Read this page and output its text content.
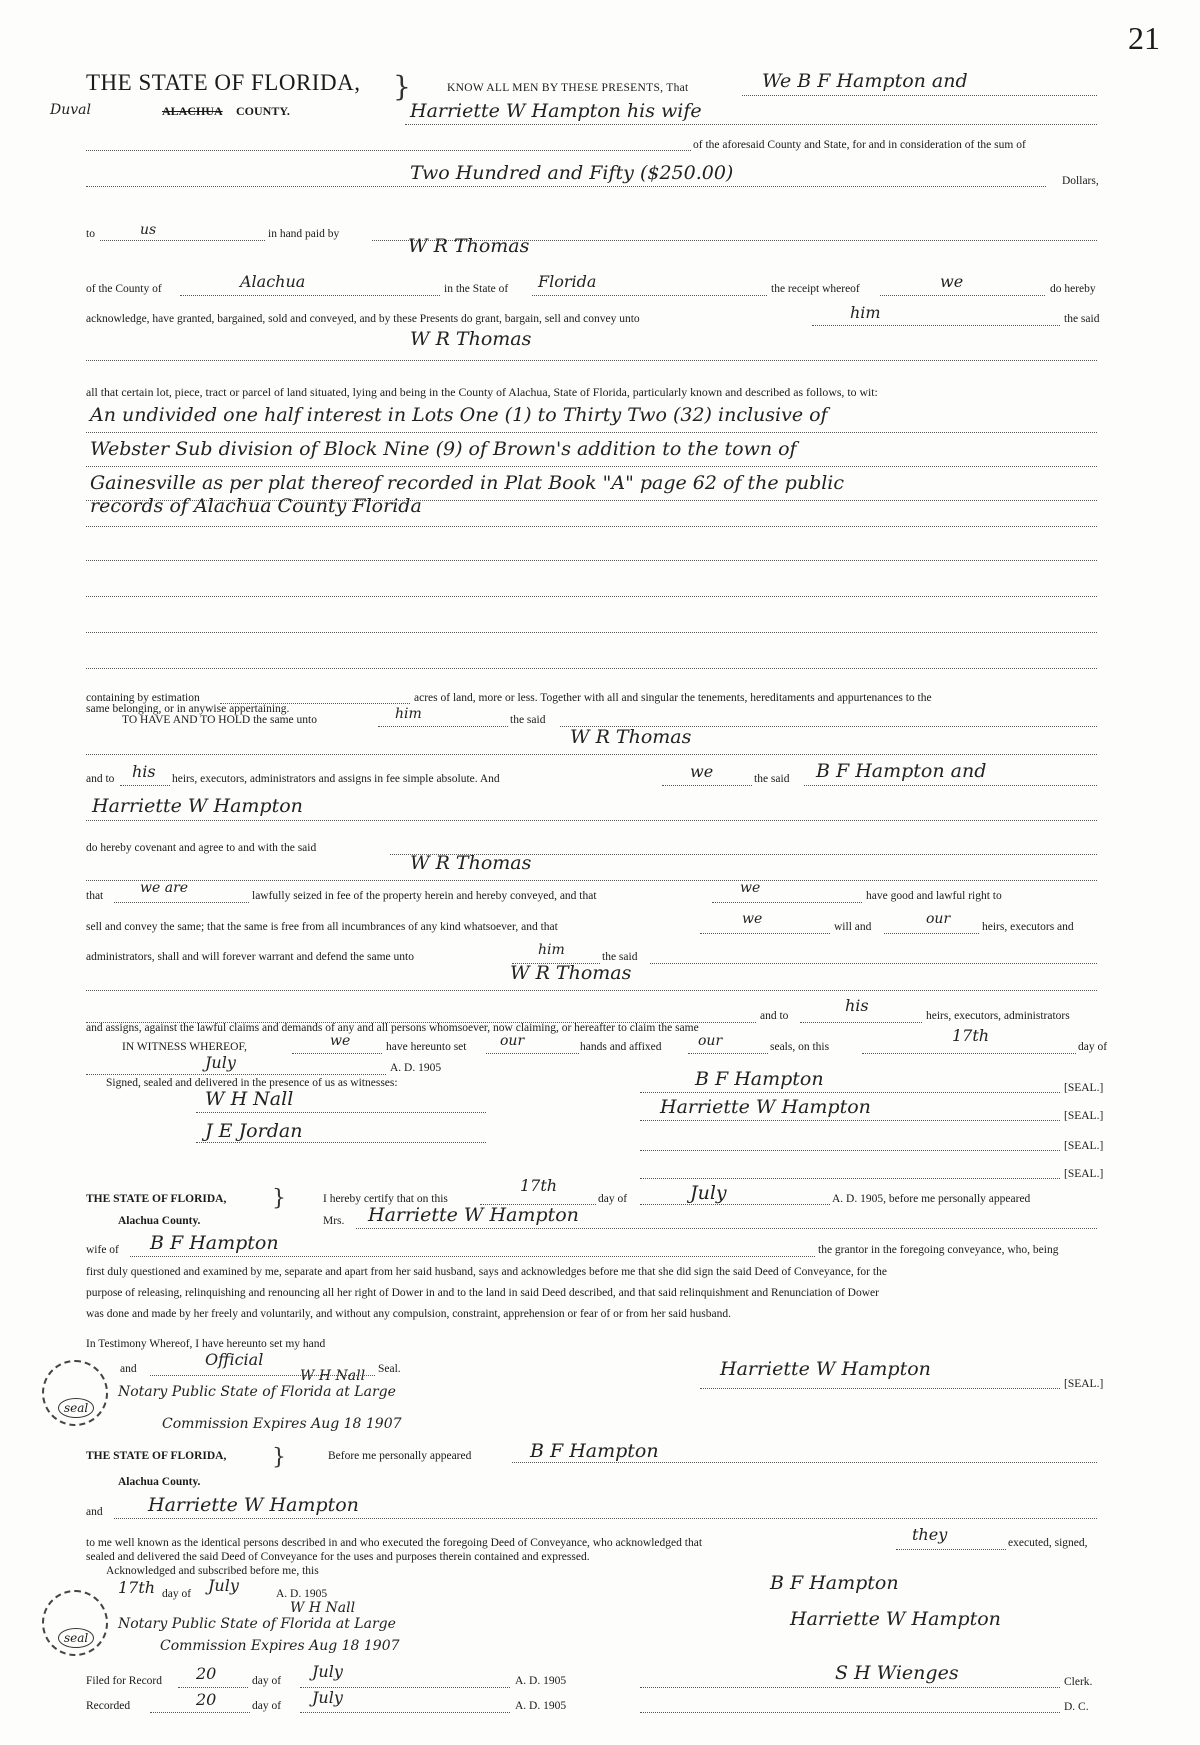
21
THE STATE OF FLORIDA, }
Duval	ALACHUA COUNTY.
KNOW ALL MEN BY THESE PRESENTS, That	We B F Hampton and
Harriette W Hampton his wife
of the aforesaid County and State, for and in consideration of the sum of
Two Hundred and Fifty ($250.00)	Dollars,
to	us	in hand paid by
W R Thomas
of the County of	Alachua	in the State of Florida	the receipt whereof	we	do hereby
acknowledge, have granted, bargained, sold and conveyed, and by these Presents do grant, bargain, sell and convey unto	him	the said
W R Thomas
all that certain lot, piece, tract or parcel of land situated, lying and being in the County of Alachua, State of Florida, particularly known and described as follows, to wit:
An undivided one half interest in Lots One (1) to Thirty Two (32) inclusive of
Webster Sub division of Block Nine (9) of Brown's addition to the town of
Gainesville as per plat thereof recorded in Plat Book "A" page 62 of the public
records of Alachua County Florida
containing by estimation	acres of land, more or less. Together with all and singular the tenements, hereditaments and appurtenances to the
same belonging, or in anywise appertaining.
TO HAVE AND TO HOLD the same unto	him	the said
W R Thomas
and to his heirs, executors, administrators and assigns in fee simple absolute. And	we	the said B F Hampton and
Harriette W Hampton
do hereby covenant and agree to and with the said
W R Thomas
that	we are	lawfully seized in fee of the property herein and hereby conveyed, and that	we	have good and lawful right to
sell and convey the same; that the same is free from all incumbrances of any kind whatsoever, and that	we	will and	our	heirs, executors and
administrators, shall and will forever warrant and defend the same unto	him	the said
W R Thomas
and to
his
heirs, executors, administrators
and assigns, against the lawful claims and demands of any and all persons whomsoever, now claiming, or hereafter to claim the same
IN WITNESS WHEREOF,	we	have hereunto set our	hands and affixed	our	seals, on this
17th
day of
July	A. D. 1905
Signed, sealed and delivered in the presence of us as witnesses:
W H Nall
J E Jordan
B F Hampton	[SEAL.]
Harriette W Hampton	[SEAL.]
[SEAL.]
[SEAL.]
THE STATE OF FLORIDA, }
Alachua County.
I hereby certify that on this
17th
day of	July	A. D. 1905, before me personally appeared
Mrs. Harriette W Hampton
wife of B F Hampton	the grantor in the foregoing conveyance, who, being
first duly questioned and examined by me, separate and apart from her said husband, says and acknowledges before me that she did sign the said Deed of Conveyance, for the
purpose of releasing, relinquishing and renouncing all her right of Dower in and to the land in said Deed described, and that said relinquishment and Renunciation of Dower
was done and made by her freely and voluntarily, and without any compulsion, constraint, apprehension or fear of or from her said husband.
In Testimony Whereof, I have hereunto set my hand
and	Official	Seal.
W H Nall
Notary Public State of Florida at Large
Commission Expires Aug 18 1907
seal
Harriette W Hampton
[SEAL.]
THE STATE OF FLORIDA, }
Alachua County.
Before me personally appeared	B F Hampton
and Harriette W Hampton
to me well known as the identical persons described in and who executed the foregoing Deed of Conveyance, who acknowledged that	they	executed, signed,
sealed and delivered the said Deed of Conveyance for the uses and purposes therein contained and expressed.
Acknowledged and subscribed before me, this
17th day of July	A. D. 1905
W H Nall
Notary Public State of Florida at Large
Commission Expires Aug 18 1907
seal
B F Hampton
Harriette W Hampton
Filed for Record 20	day of July	A. D. 1905
Recorded	20	day of July	A. D. 1905
S H Wienges	Clerk.
D. C.
